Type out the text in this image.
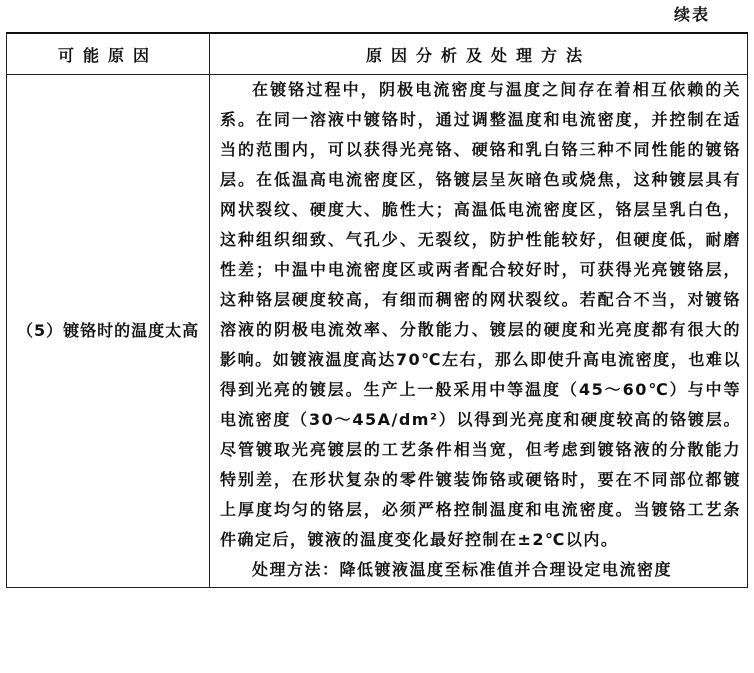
续表
可能原因	原因分析及处理方法
（5）镀铬时的温度太高	在镀铬过程中，阴极电流密度与温度之间存在着相互依赖的关系。在同一溶液中镀铬时，通过调整温度和电流密度，并控制在适当的范围内，可以获得光亮铬、硬铬和乳白铬三种不同性能的镀铬层。在低温高电流密度区，铬镀层呈灰暗色或烧焦，这种镀层具有网状裂纹、硬度大、脆性大；高温低电流密度区，铬层呈乳白色，这种组织细致、气孔少、无裂纹，防护性能较好，但硬度低，耐磨性差；中温中电流密度区或两者配合较好时，可获得光亮镀铬层，这种铬层硬度较高，有细而稠密的网状裂纹。若配合不当，对镀铬溶液的阴极电流效率、分散能力、镀层的硬度和光亮度都有很大的影响。如镀液温度高达70℃左右，那么即使升高电流密度，也难以得到光亮的镀层。生产上一般采用中等温度（45～60℃）与中等电流密度（30～45A/dm²）以得到光亮度和硬度较高的铬镀层。尽管镀取光亮镀层的工艺条件相当宽，但考虑到镀铬液的分散能力特别差，在形状复杂的零件镀装饰铬或硬铬时，要在不同部位都镀上厚度均匀的铬层，必须严格控制温度和电流密度。当镀铬工艺条件确定后，镀液的温度变化最好控制在±2℃以内。

处理方法：降低镀液温度至标准值并合理设定电流密度
